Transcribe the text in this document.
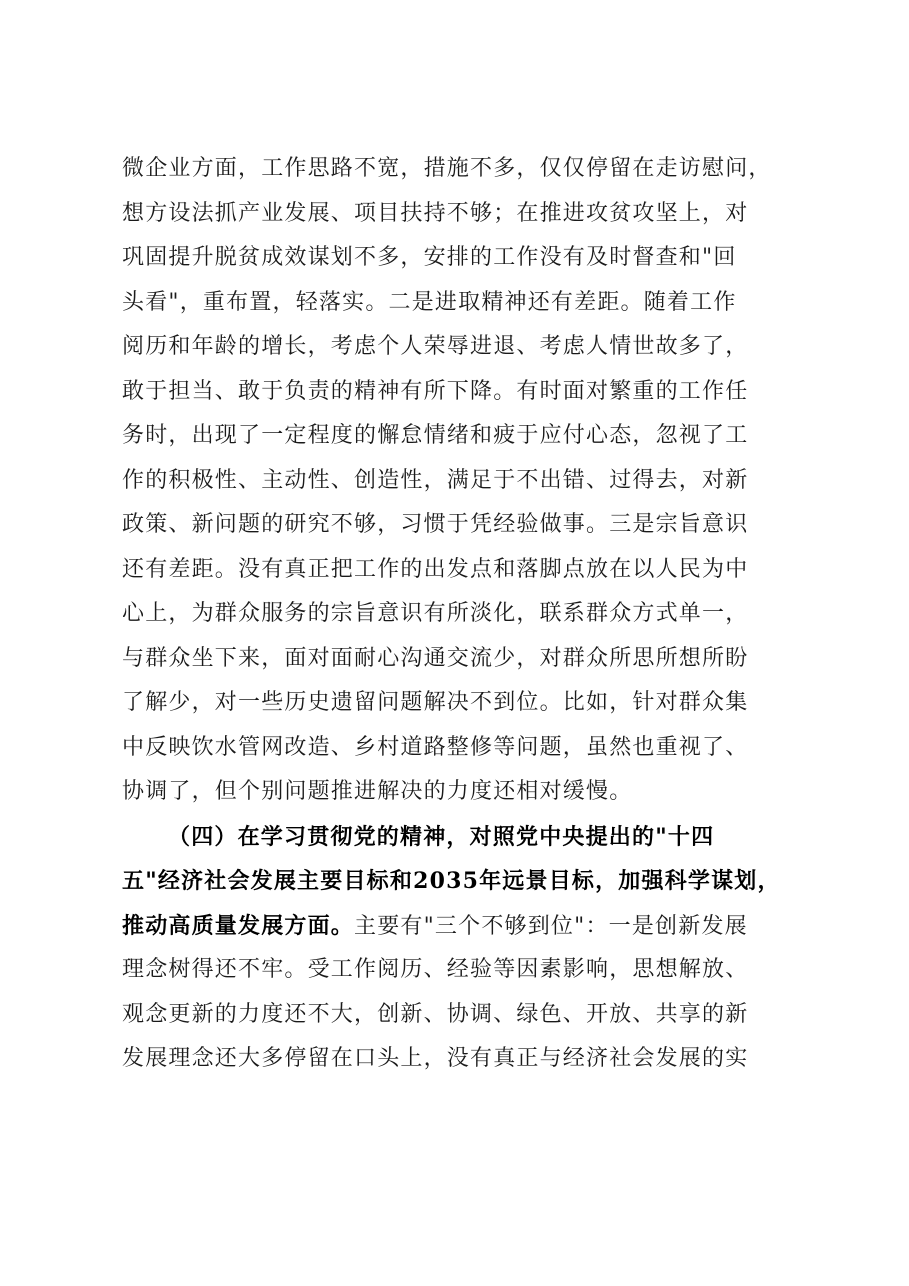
微企业方面，工作思路不宽，措施不多，仅仅停留在走访慰问，
想方设法抓产业发展、项目扶持不够；在推进攻贫攻坚上，对
巩固提升脱贫成效谋划不多，安排的工作没有及时督查和"回
头看"，重布置，轻落实。二是进取精神还有差距。随着工作
阅历和年龄的增长，考虑个人荣辱进退、考虑人情世故多了，
敢于担当、敢于负责的精神有所下降。有时面对繁重的工作任
务时，出现了一定程度的懈怠情绪和疲于应付心态，忽视了工
作的积极性、主动性、创造性，满足于不出错、过得去，对新
政策、新问题的研究不够，习惯于凭经验做事。三是宗旨意识
还有差距。没有真正把工作的出发点和落脚点放在以人民为中
心上，为群众服务的宗旨意识有所淡化，联系群众方式单一，
与群众坐下来，面对面耐心沟通交流少，对群众所思所想所盼
了解少，对一些历史遗留问题解决不到位。比如，针对群众集
中反映饮水管网改造、乡村道路整修等问题，虽然也重视了、
协调了，但个别问题推进解决的力度还相对缓慢。
（四）在学习贯彻党的精神，对照党中央提出的"十四
五"经济社会发展主要目标和2035年远景目标，加强科学谋划，
推动高质量发展方面。主要有"三个不够到位"：一是创新发展
理念树得还不牢。受工作阅历、经验等因素影响，思想解放、
观念更新的力度还不大，创新、协调、绿色、开放、共享的新
发展理念还大多停留在口头上，没有真正与经济社会发展的实
